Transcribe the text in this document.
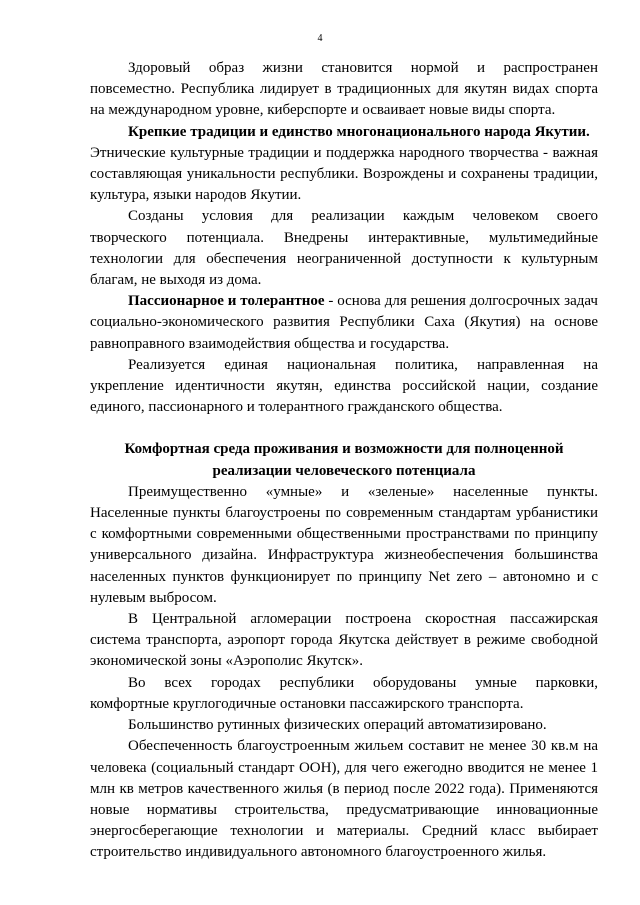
4

Здоровый образ жизни становится нормой и распространен

повсеместно. Республика лидирует в традиционных для якутян видах спорта на международном уровне, киберспорте и осваивает новые виды спорта.

Крепкие традиции и единство многонационального народа Якутии.

Этнические культурные традиции и поддержка народного творчества - важная составляющая уникальности республики. Возрождены и сохранены традиции, культура, языки народов Якутии.

Созданы условия для реализации каждым человеком своего

творческого потенциала. Внедрены интерактивные, мультимедийные технологии для обеспечения неограниченной доступности к культурным благам, не выходя из дома.

Пассионарное и толерантное - основа для решения долгосрочных задач социально-экономического развития Республики Саха (Якутия) на основе равноправного взаимодействия общества и государства.

Реализуется единая национальная политика, направленная на

укрепление идентичности якутян, единства российской нации, создание единого, пассионарного и толерантного гражданского общества.

Комфортная среда проживания и возможности для полноценной реализации человеческого потенциала

Преимущественно «умные» и «зеленые» населенные пункты.

Населенные пункты благоустроены по современным стандартам урбанистики с комфортными современными общественными пространствами по принципу универсального дизайна. Инфраструктура жизнеобеспечения большинства населенных пунктов функционирует по принципу Net zero – автономно и с нулевым выбросом.

В Центральной агломерации построена скоростная пассажирская система транспорта, аэропорт города Якутска действует в режиме свободной экономической зоны «Аэрополис Якутск».

Во всех городах республики оборудованы умные парковки,

комфортные круглогодичные остановки пассажирского транспорта.

Большинство рутинных физических операций автоматизировано.

Обеспеченность благоустроенным жильем составит не менее 30 кв.м на человека (социальный стандарт ООН), для чего ежегодно вводится не менее 1 млн кв метров качественного жилья (в период после 2022 года). Применяются новые нормативы строительства, предусматривающие инновационные энергосберегающие технологии и материалы. Средний класс выбирает строительство индивидуального автономного благоустроенного жилья.
